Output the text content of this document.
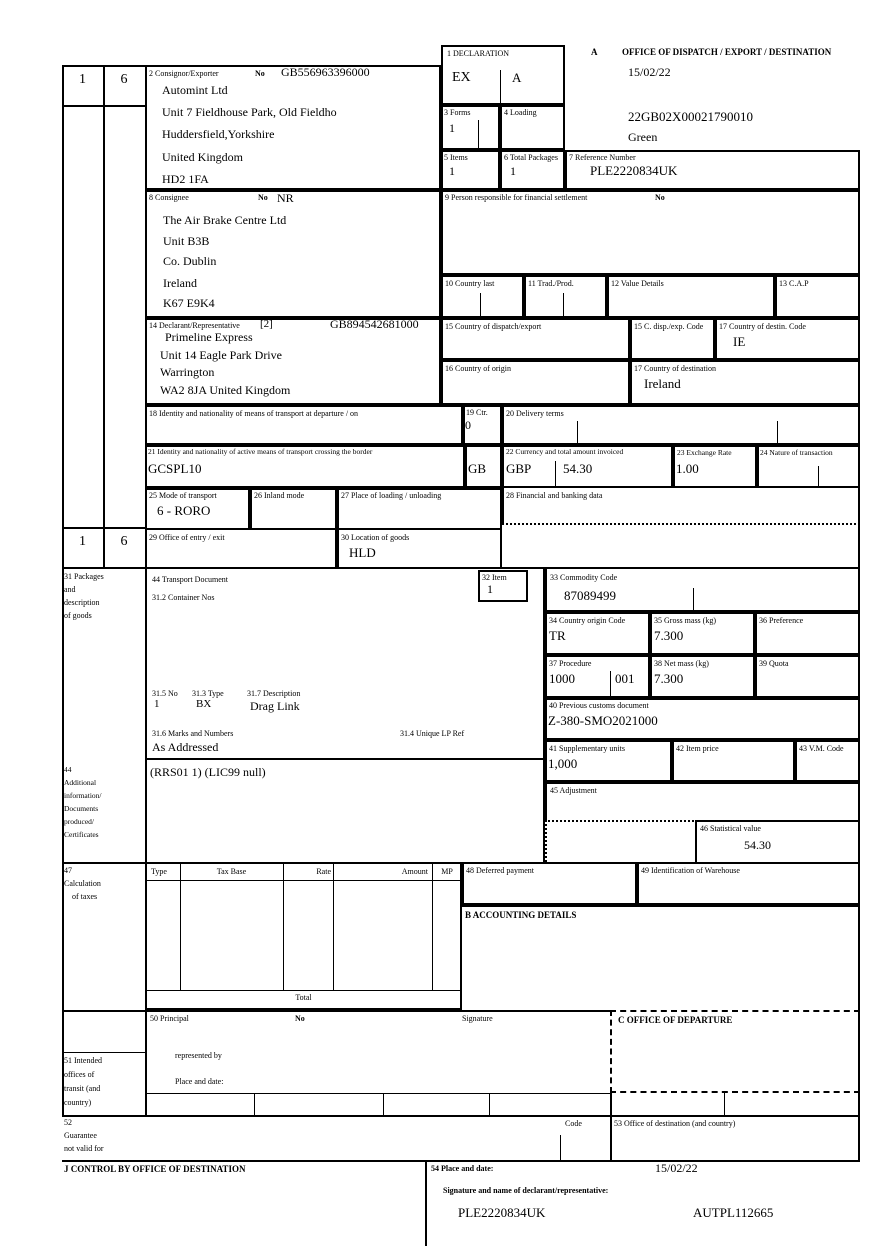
1	6
1	6
A	OFFICE OF DISPATCH / EXPORT / DESTINATION
15/02/22
22GB02X00021790010
Green
1 DECLARATION
EX	A
2 Consignor/Exporter	No GB556963396000
Automint Ltd
Unit 7 Fieldhouse Park, Old Fieldho
Huddersfield,Yorkshire
United Kingdom
HD2 1FA
3 Forms
1
4 Loading
5 Items
1
6 Total Packages
1
7 Reference Number
PLE2220834UK
8 Consignee	No NR
The Air Brake Centre Ltd
Unit B3B
Co. Dublin
Ireland
K67 E9K4
9 Person responsible for financial settlement	No
10 Country last	11 Trad./Prod.	12 Value Details	13 C.A.P
14 Declarant/Representative [2]	GB894542681000
Primeline Express
Unit 14 Eagle Park Drive
Warrington
WA2 8JA United Kingdom
15 Country of dispatch/export	15 C. disp./exp. Code 17 Country of destin. Code
IE
16 Country of origin	17 Country of destination
Ireland
18 Identity and nationality of means of transport at departure / on	19 Ctr.
0
20 Delivery terms
21 Identity and nationality of active means of transport crossing the border
GCSPL10	GB
22 Currency and total amount invoiced
GBP 54.30
23 Exchange Rate
1.00
24 Nature of transaction
25 Mode of transport
6 - RORO
26 Inland mode	27 Place of loading / unloading	28 Financial and banking data
29 Office of entry / exit	30 Location of goods
HLD
31 Packages
and
description
of goods
44 Transport Document
31.2 Container Nos
31.5 No
1
31.3 Type
BX
31.7 Description
Drag Link
31.6 Marks and Numbers
As Addressed
31.4 Unique LP Ref
32 Item
1
33 Commodity Code
87089499
34 Country origin Code
TR
35 Gross mass (kg)
7.300
36 Preference
37 Procedure
1000	001
38 Net mass (kg)
7.300
39 Quota
40 Previous customs document
Z-380-SMO2021000
41 Supplementary units
1,000
42 Item price	43 V.M. Code
44
Additional
information/
Documents
produced/
Certificates
(RRS01 1) (LIC99 null)
45 Adjustment
46 Statistical value
54.30
47
Calculation
of taxes
Type	Tax Base	Rate	Amount	MP
Total
48 Deferred payment	49 Identification of Warehouse
B ACCOUNTING DETAILS
50 Principal	No	Signature	C OFFICE OF DEPARTURE
represented by
Place and date:
51 Intended
offices of
transit (and
country)
52
Guarantee
not valid for
Code	53 Office of destination (and country)
J CONTROL BY OFFICE OF DESTINATION	54 Place and date:	15/02/22
Signature and name of declarant/representative:
PLE2220834UK	AUTPL112665
